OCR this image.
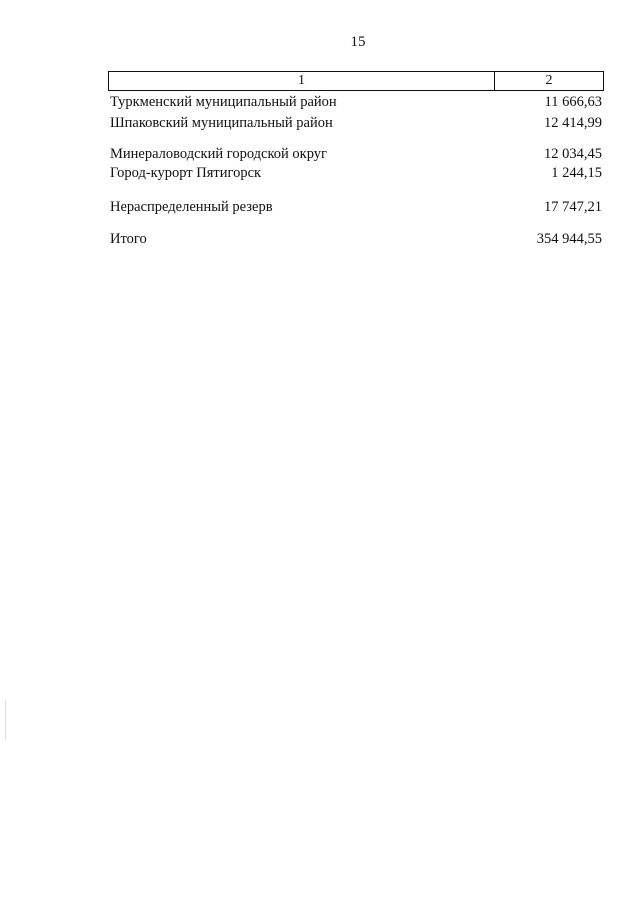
15
1	2
Туркменский муниципальный район	11 666,63
Шпаковский муниципальный район	12 414,99
Минераловодский городской округ	12 034,45
Город-курорт Пятигорск	1 244,15
Нераспределенный резерв	17 747,21
Итого	354 944,55
